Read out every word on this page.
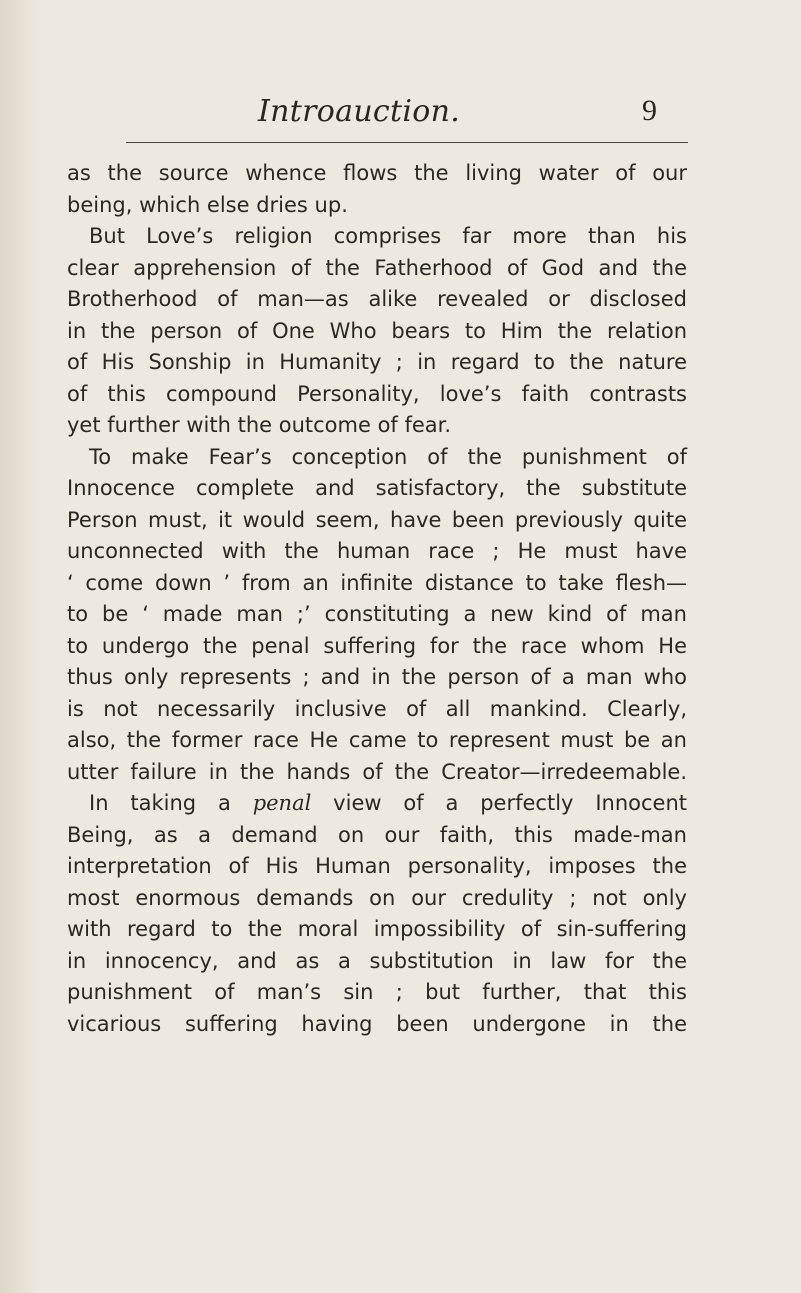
Introauction.	9
as the source whence flows the living water of our
being, which else dries up.
But Love’s religion comprises far more than his
clear apprehension of the Fatherhood of God and the
Brotherhood of man—as alike revealed or disclosed
in the person of One Who bears to Him the relation
of His Sonship in Humanity ; in regard to the nature
of this compound Personality, love’s faith contrasts
yet further with the outcome of fear.
To make Fear’s conception of the punishment of
Innocence complete and satisfactory, the substitute
Person must, it would seem, have been previously quite
unconnected with the human race ; He must have
‘ come down ’ from an infinite distance to take flesh—
to be ‘ made man ;’ constituting a new kind of man
to undergo the penal suffering for the race whom He
thus only represents ; and in the person of a man who
is not necessarily inclusive of all mankind. Clearly,
also, the former race He came to represent must be an
utter failure in the hands of the Creator—irredeemable.
In taking a penal view of a perfectly Innocent
Being, as a demand on our faith, this made-man
interpretation of His Human personality, imposes the
most enormous demands on our credulity ; not only
with regard to the moral impossibility of sin-suffering
in innocency, and as a substitution in law for the
punishment of man’s sin ; but further, that this
vicarious suffering having been undergone in the
